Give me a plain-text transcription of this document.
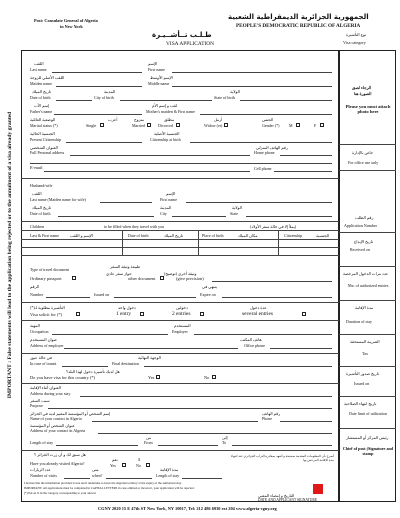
IMPORTANT : False statements will lead to the application being rejected or to the annulment of a visa already granted
Post: Consulate General of Algeria
in New York
الجمهورية الجزائرية الديمقراطية الشعبية
PEOPLE'S DEMOCRATIC REPUBLIC OF ALGERIA
طـلـب تــأشــيـرة
VISA APPLICATION
نوع التأشيرة
Visa category
الرجاء لصق
الصورة هنا
Please you must attach photo here
خاص بالإدارة
For office use only
رقم الطلب
Application Number
تاريخ الإيداع
Received on
عدد مرات الدخول المرخصة
Nbr. of authorized entries
مدة الإقامة
Duration of stay
الضريبة المستحقة
Tax
تاريخ صدور التأشيرة
Issued on
تاريخ انتهاء الصلاحية
Date limit of utilization
رئيس المركز أو المستشار
Chief of post (Signature and stamp
اللقب	الإسم
Last name	First name
اللقب الأصلي للزوجة	الإسم الأوسط
Maiden name	Middle name
تاريخ الميلاد	المدينة	الولاية
Date of birth	City of birth	State of birth
إسم الأب	لقب و إسم الأم
Father's name	Mother's maiden & First name
الوضعية العائلية	أعزب	متزوج	مطلق	أرمل	الجنس
Marital status (*)	Single	Married	Divorced	Widow (er)	Gender (*) M	F
الجنسية الحالية	الجنسية الأصلية
Present Citizenship	Citizenship at birth
العنوان الشخصي	رقم الهاتف المنزلي
Full Personal address	Home phone
E-mail	Cell phone
Husband/wife
اللقب	الإسم
Last name (Maiden name for wife)	First name
تاريخ الميلاد	المدينة	الولاية
Date of birth	City	State
Children	to be filled when they travel with you	(يملأ إلا في حالة سفر الأولاد)
Last & First name	الإسم و اللقب	Date of birth	تاريخ الميلاد	Place of birth	مكان الميلاد	Citizenship	الجنسية
طبيعة وثيقة السفر
Type of travel document
جواز سفر عادي	وثيقة أخرى (توضيح)
Ordinary passport	other document	(give precision)
الرقم	ينتهي في
Number	Issued on	Expire on
التأشيرة مطلوبة لـ(*)	دخول واحد	دخولين	عدة دخول
Visa solicit for (*)	1 entry	2 entries	several entries
المهنة	المستخدم
Occupation	Employer
عنوان المستخدم	هاتف المكتب
Address of employer	Office phone
في حالة عبور	الوجهة النهائية
In case of transit	Final destination
هل لديك تأشيرة دخول لهذا البلد؟
Do you have visa for this country (*)	Yes	No
العنوان أثناء الإقامة
Address during your stay
سبب السفر
Purpose
إسم الشخص أو المؤسسة المقيم لديه في الجزائر	رقم الهاتف
Name of your contact in Algeria	Phone
عنوان الشخص أو المؤسسة
Address of your contact in Algeria
من	إلى
Length of stay	From	To
هل سبق لك و أن زرت الجزائر ؟
نعم	لا
Have you already visited Algeria?	Yes	No
عدد الزيارات	متى	مدة الإقامة
Number of visits	when?	Length of stay
أصرح بأن المعلومات المقدمة صحيحة و أتعهد بمغادرة التراب الجزائري عند انتهاء مدة الإقامة المرخص بها
I declare that the information provided is true and I undertake to leave the Algerian territory at the expiry of the authorised stay.
IMPORTANT: All applications must be completed in CAPITAL LETTERS in case omitted or incorrect, your application will be rejected.
(*) Put an X in the category corresponding to your answer	التاريخ و إمضاء المعني
DATE AND APPLICANT SIGNATURE
CGNY 2020 15 E 47th ST New York, NY 10017, Tel: 212 486 6930 ext 204 www.algeria-cgny.org
